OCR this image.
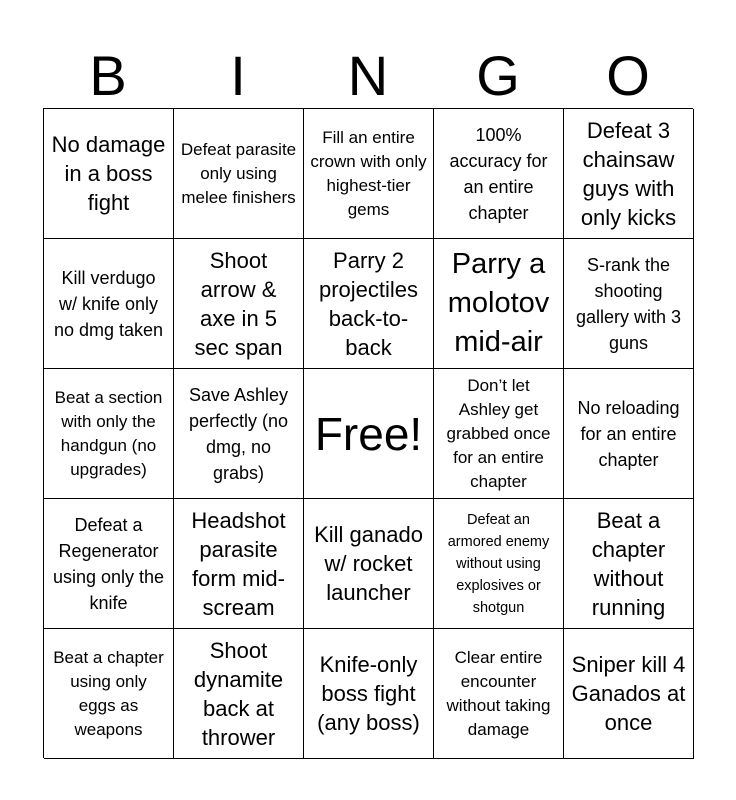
B	I	N	G	O
No damage in a boss fight
Defeat parasite only using melee finishers
Fill an entire crown with only highest-tier gems
100% accuracy for an entire chapter
Defeat 3 chainsaw guys with only kicks
Kill verdugo w/ knife only no dmg taken
Shoot arrow & axe in 5 sec span
Parry 2 projectiles back-to-back
Parry a molotov mid-air
S-rank the shooting gallery with 3 guns
Beat a section with only the handgun (no upgrades)
Save Ashley perfectly (no dmg, no grabs)
Free!
Don’t let Ashley get grabbed once for an entire chapter
No reloading for an entire chapter
Defeat a Regenerator using only the knife
Headshot parasite form mid-scream
Kill ganado w/ rocket launcher
Defeat an armored enemy without using explosives or shotgun
Beat a chapter without running
Beat a chapter using only eggs as weapons
Shoot dynamite back at thrower
Knife-only boss fight (any boss)
Clear entire encounter without taking damage
Sniper kill 4 Ganados at once
